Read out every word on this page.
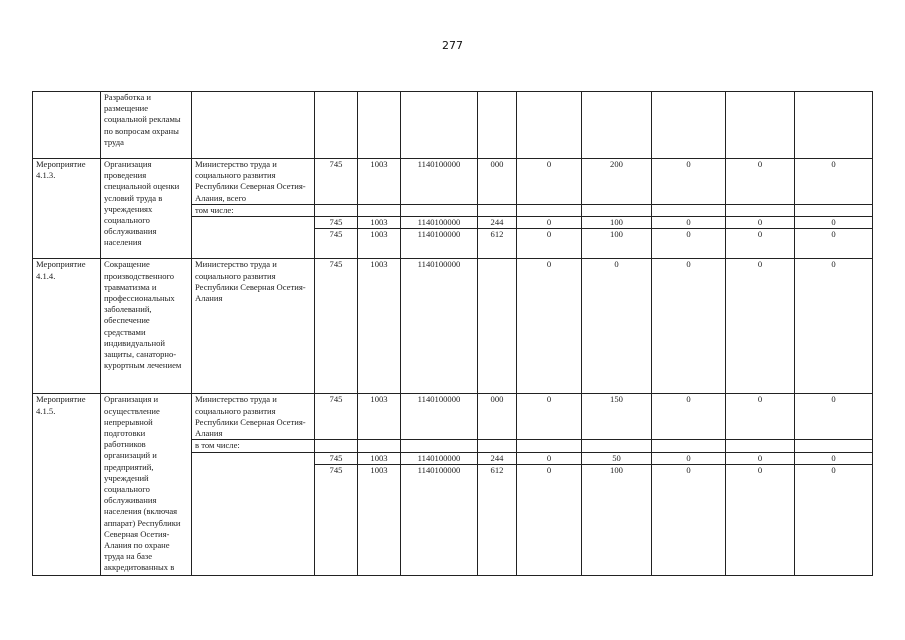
277
	Разработка и размещение социальной рекламы по вопросам охраны труда										
Мероприятие 4.1.3.	Организация проведения специальной оценки условий труда в учреждениях социального обслуживания населения	Министерство труда и социального развития Республики Северная Осетия-Алания, всего	745	1003	1140100000	000	0	200	0	0	0
		том числе:									
			745	1003	1140100000	244	0	100	0	0	0
			745	1003	1140100000	612	0	100	0	0	0
Мероприятие 4.1.4.	Сокращение производственного травматизма и профессиональных заболеваний, обеспечение средствами индивидуальной защиты, санаторно-курортным лечением	Министерство труда и социального развития Республики Северная Осетия-Алания	745	1003	1140100000		0	0	0	0	0
Мероприятие 4.1.5.	Организация и осуществление непрерывной подготовки работников организаций и предприятий, учреждений социального обслуживания населения (включая аппарат) Республики Северная Осетия-Алания по охране труда на базе аккредитованных в	Министерство труда и социального развития Республики Северная Осетия-Алания	745	1003	1140100000	000	0	150	0	0	0
		в том числе:									
			745	1003	1140100000	244	0	50	0	0	0
			745	1003	1140100000	612	0	100	0	0	0
